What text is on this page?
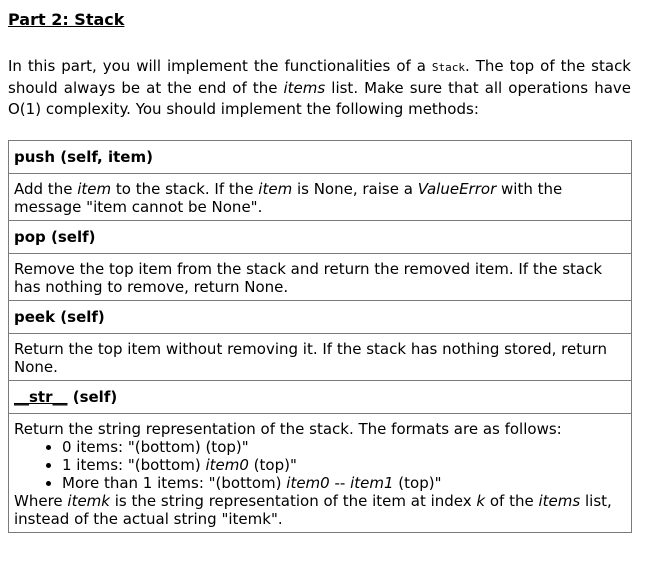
Part 2: Stack

In this part, you will implement the functionalities of a Stack. The top of the stack should always be at the end of the items list. Make sure that all operations have O(1) complexity. You should implement the following methods:

push (self, item)
Add the item to the stack. If the item is None, raise a ValueError with the message "item cannot be None".
pop (self)
Remove the top item from the stack and return the removed item. If the stack has nothing to remove, return None.
peek (self)
Return the top item without removing it. If the stack has nothing stored, return None.
__str__ (self)

Return the string representation of the stack. The formats are as follows:
• 0 items: "(bottom) (top)"
• 1 items: "(bottom) item0 (top)"
• More than 1 items: "(bottom) item0 -- item1 (top)"
Where itemk is the string representation of the item at index k of the items list, instead of the actual string "itemk".
